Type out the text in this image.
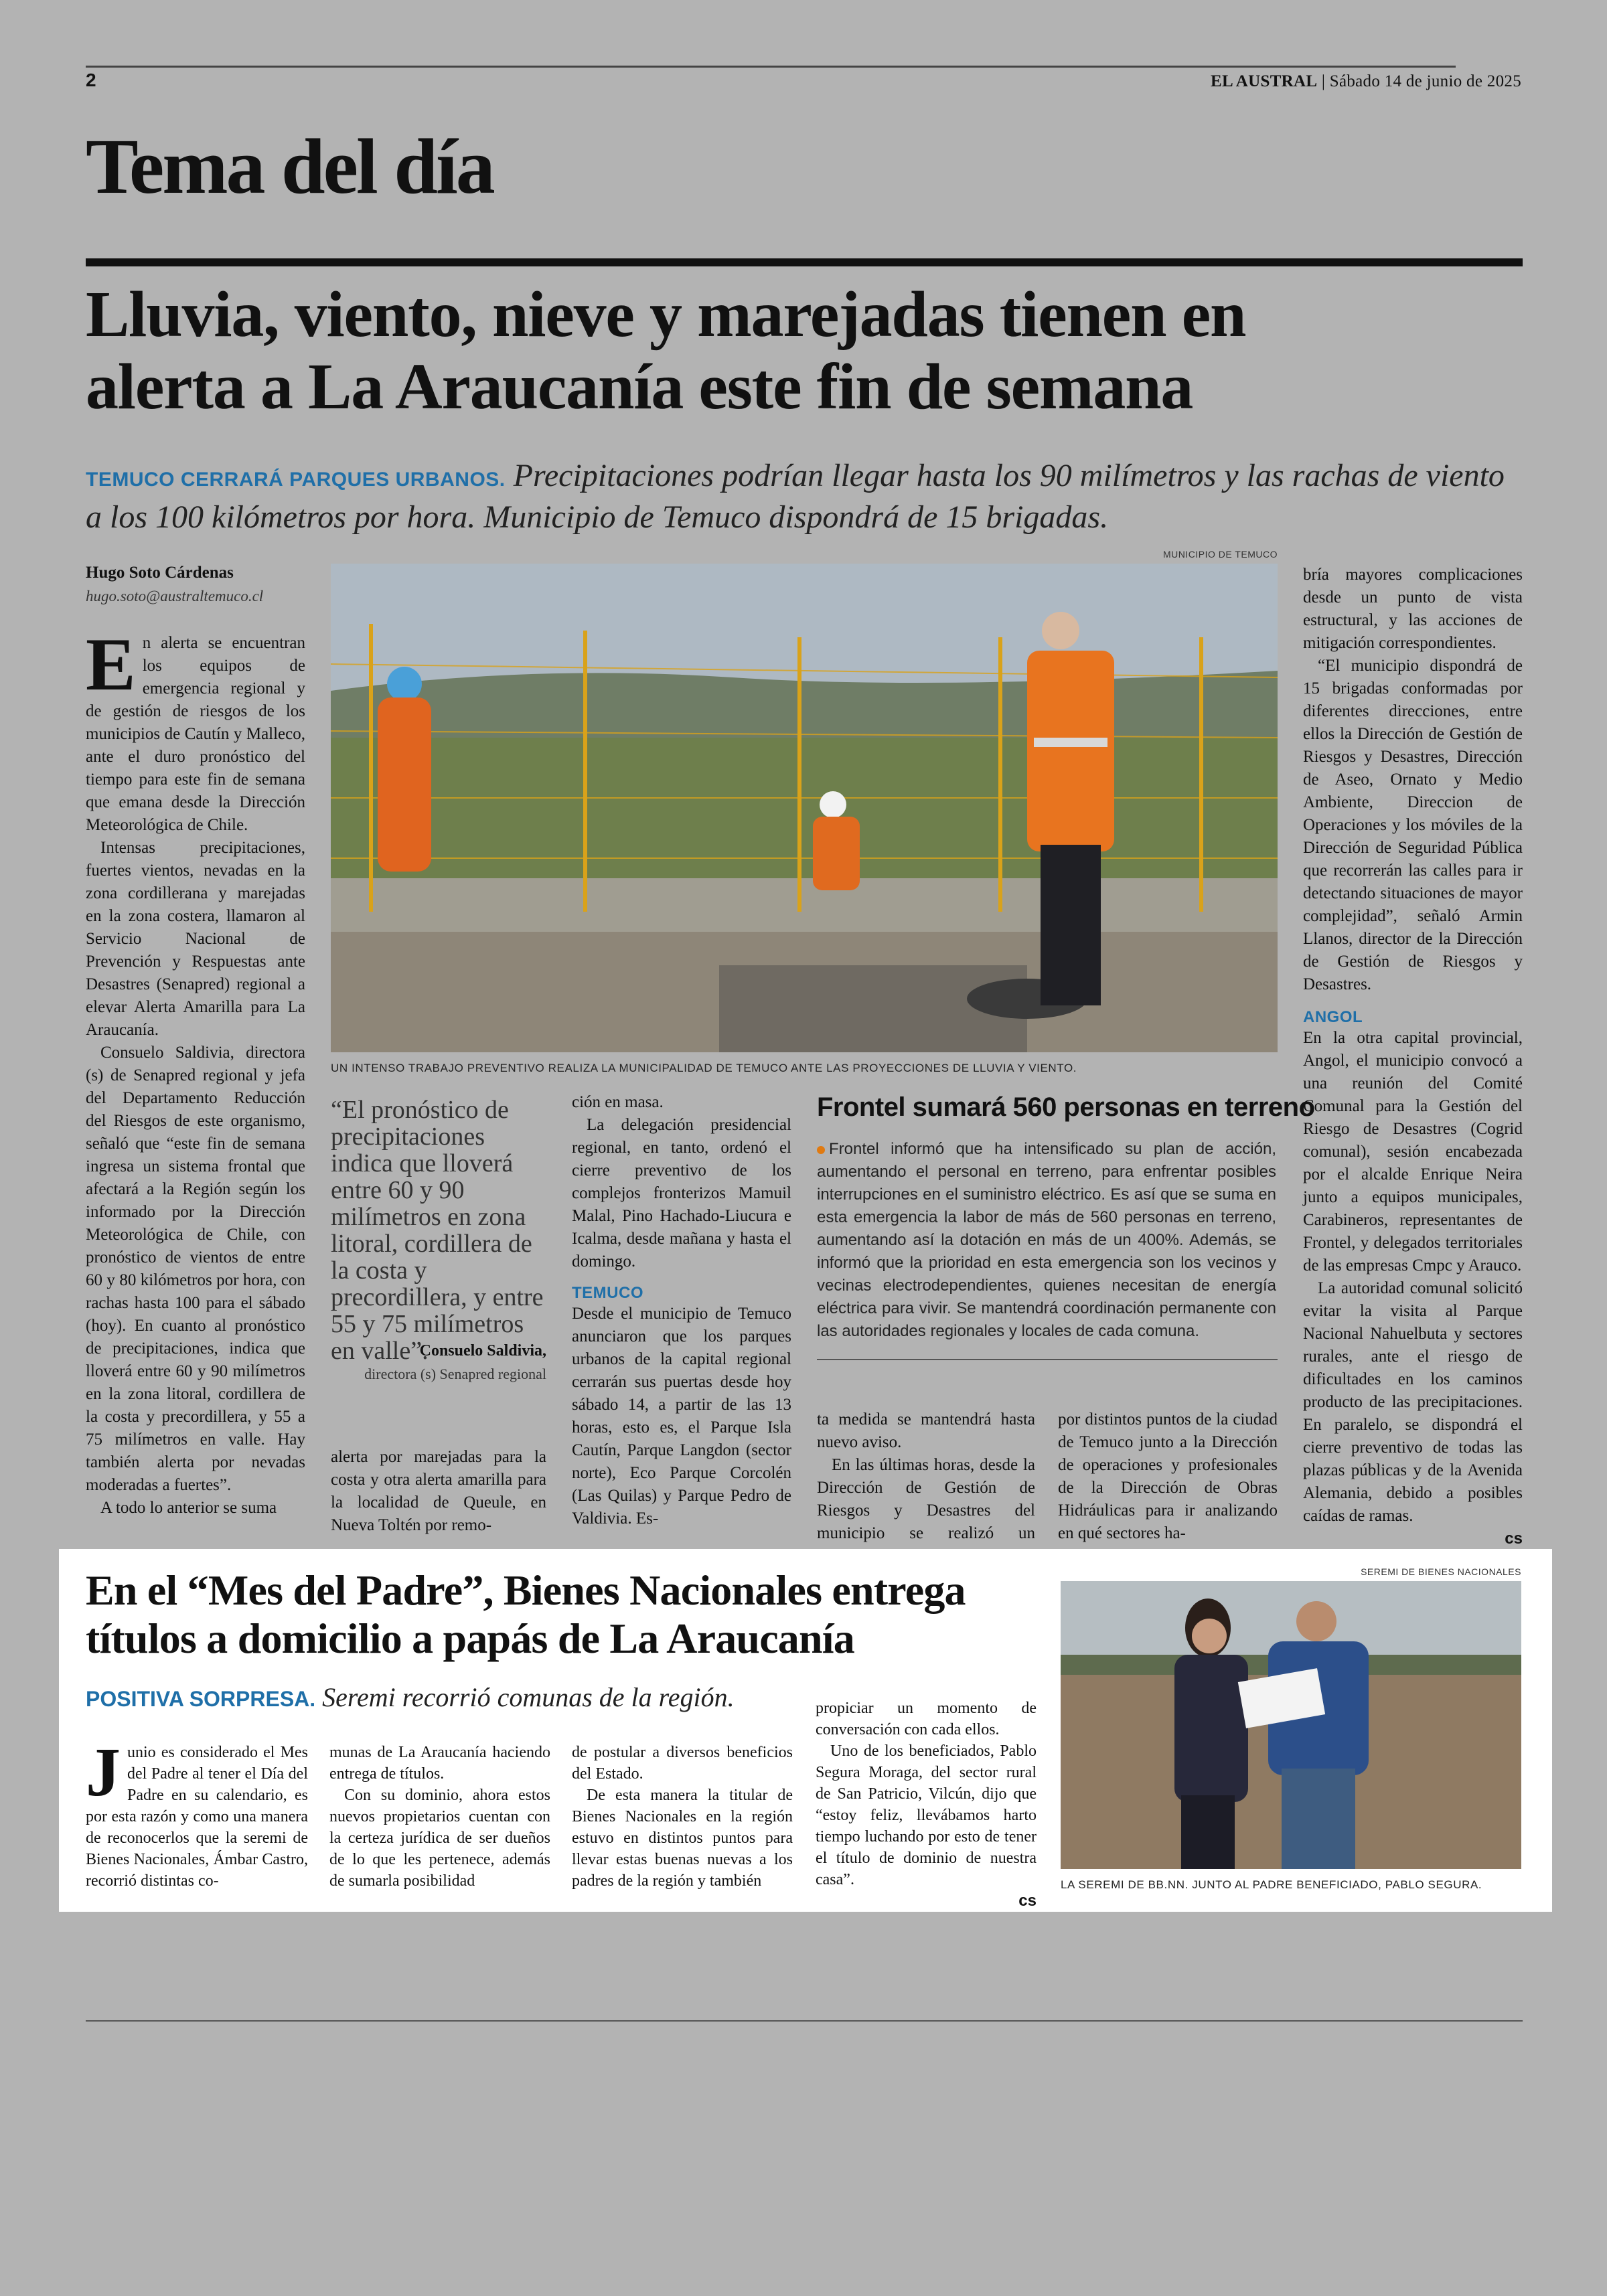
2	EL AUSTRAL | Sábado 14 de junio de 2025
Tema del día
Lluvia, viento, nieve y marejadas tienen en
alerta a La Araucanía este fin de semana
TEMUCO CERRARÁ PARQUES URBANOS. Precipitaciones podrían llegar hasta los 90 milímetros y las rachas de viento a los 100 kilómetros por hora. Municipio de Temuco dispondrá de 15 brigadas.
Hugo Soto Cárdenas
hugo.soto@australtemuco.cl

En alerta se encuentran los equipos de emergencia regional y de gestión de riesgos de los municipios de Cautín y Malleco, ante el duro pronóstico del tiempo para este fin de semana que emana desde la Dirección Meteorológica de Chile.

Intensas precipitaciones, fuertes vientos, nevadas en la zona cordillerana y marejadas en la zona costera, llamaron al Servicio Nacional de Prevención y Respuestas ante Desastres (Senapred) regional a elevar Alerta Amarilla para La Araucanía.

Consuelo Saldivia, directora (s) de Senapred regional y jefa del Departamento Reducción del Riesgos de este organismo, señaló que “este fin de semana ingresa un sistema frontal que afectará a la Región según los informado por la Dirección Meteorológica de Chile, con pronóstico de vientos de entre 60 y 80 kilómetros por hora, con rachas hasta 100 para el sábado (hoy). En cuanto al pronóstico de precipitaciones, indica que lloverá entre 60 y 90 milímetros en la zona litoral, cordillera de la costa y precordillera, y 55 a 75 milímetros en valle. Hay también alerta por nevadas moderadas a fuertes”.

A todo lo anterior se suma

MUNICIPIO DE TEMUCO
UN INTENSO TRABAJO PREVENTIVO REALIZA LA MUNICIPALIDAD DE TEMUCO ANTE LAS PROYECCIONES DE LLUVIA Y VIENTO.
“El pronóstico de precipitaciones indica que lloverá entre 60 y 90 milímetros en zona litoral, cordillera de la costa y precordillera, y entre 55 y 75 milímetros en valle”.
Consuelo Saldivia,
directora (s) Senapred regional

alerta por marejadas para la costa y otra alerta amarilla para la localidad de Queule, en Nueva Toltén por remo-

ción en masa.

La delegación presidencial regional, en tanto, ordenó el cierre preventivo de los complejos fronterizos Mamuil Malal, Pino Hachado-Liucura e Icalma, desde mañana y hasta el domingo.

TEMUCO

Desde el municipio de Temuco anunciaron que los parques urbanos de la capital regional cerrarán sus puertas desde hoy sábado 14, a partir de las 13 horas, esto es, el Parque Isla Cautín, Parque Langdon (sector norte), Eco Parque Corcolén (Las Quilas) y Parque Pedro de Valdivia. Es-

Frontel sumará 560 personas en terreno
Frontel informó que ha intensificado su plan de acción, aumentando el personal en terreno, para enfrentar posibles interrupciones en el suministro eléctrico. Es así que se suma en esta emergencia la labor de más de 560 personas en terreno, aumentando así la dotación en más de un 400%. Además, se informó que la prioridad en esta emergencia son los vecinos y vecinas electrodependientes, quienes necesitan de energía eléctrica para vivir. Se mantendrá coordinación permanente con las autoridades regionales y locales de cada comuna.

ta medida se mantendrá hasta nuevo aviso.

En las últimas horas, desde la Dirección de Gestión de Riesgos y Desastres del municipio se realizó un

por distintos puntos de la ciudad de Temuco junto a la Dirección de operaciones y profesionales de la Dirección de Obras Hidráulicas para ir analizando en qué sectores ha-

bría mayores complicaciones desde un punto de vista estructural, y las acciones de mitigación correspondientes.

“El municipio dispondrá de 15 brigadas conformadas por diferentes direcciones, entre ellos la Dirección de Gestión de Riesgos y Desastres, Dirección de Aseo, Ornato y Medio Ambiente, Direccion de Operaciones y los móviles de la Dirección de Seguridad Pública que recorrerán las calles para ir detectando situaciones de mayor complejidad”, señaló Armin Llanos, director de la Dirección de Gestión de Riesgos y Desastres.

ANGOL

En la otra capital provincial, Angol, el municipio convocó a una reunión del Comité Comunal para la Gestión del Riesgo de Desastres (Cogrid comunal), sesión encabezada por el alcalde Enrique Neira junto a equipos municipales, Carabineros, representantes de Frontel, y delegados territoriales de las empresas Cmpc y Arauco.

La autoridad comunal solicitó evitar la visita al Parque Nacional Nahuelbuta y sectores rurales, ante el riesgo de dificultades en los caminos producto de las precipitaciones. En paralelo, se dispondrá el cierre preventivo de todas las plazas públicas y de la Avenida Alemania, debido a posibles caídas de ramas.

cs
En el “Mes del Padre”, Bienes Nacionales entrega
títulos a domicilio a papás de La Araucanía
POSITIVA SORPRESA. Seremi recorrió comunas de la región.

Junio es considerado el Mes del Padre al tener el Día del Padre en su calendario, es por esta razón y como una manera de reconocerlos que la seremi de Bienes Nacionales, Ámbar Castro, recorrió distintas co-

munas de La Araucanía haciendo entrega de títulos.

Con su dominio, ahora estos nuevos propietarios cuentan con la certeza jurídica de ser dueños de lo que les pertenece, además de sumarla posibilidad

de postular a diversos beneficios del Estado.

De esta manera la titular de Bienes Nacionales en la región estuvo en distintos puntos para llevar estas buenas nuevas a los padres de la región y también

propiciar un momento de conversación con cada ellos.

Uno de los beneficiados, Pablo Segura Moraga, del sector rural de San Patricio, Vilcún, dijo que “estoy feliz, llevábamos harto tiempo luchando por esto de tener el título de dominio de nuestra casa”.

cs
SEREMI DE BIENES NACIONALES
LA SEREMI DE BB.NN. JUNTO AL PADRE BENEFICIADO, PABLO SEGURA.
